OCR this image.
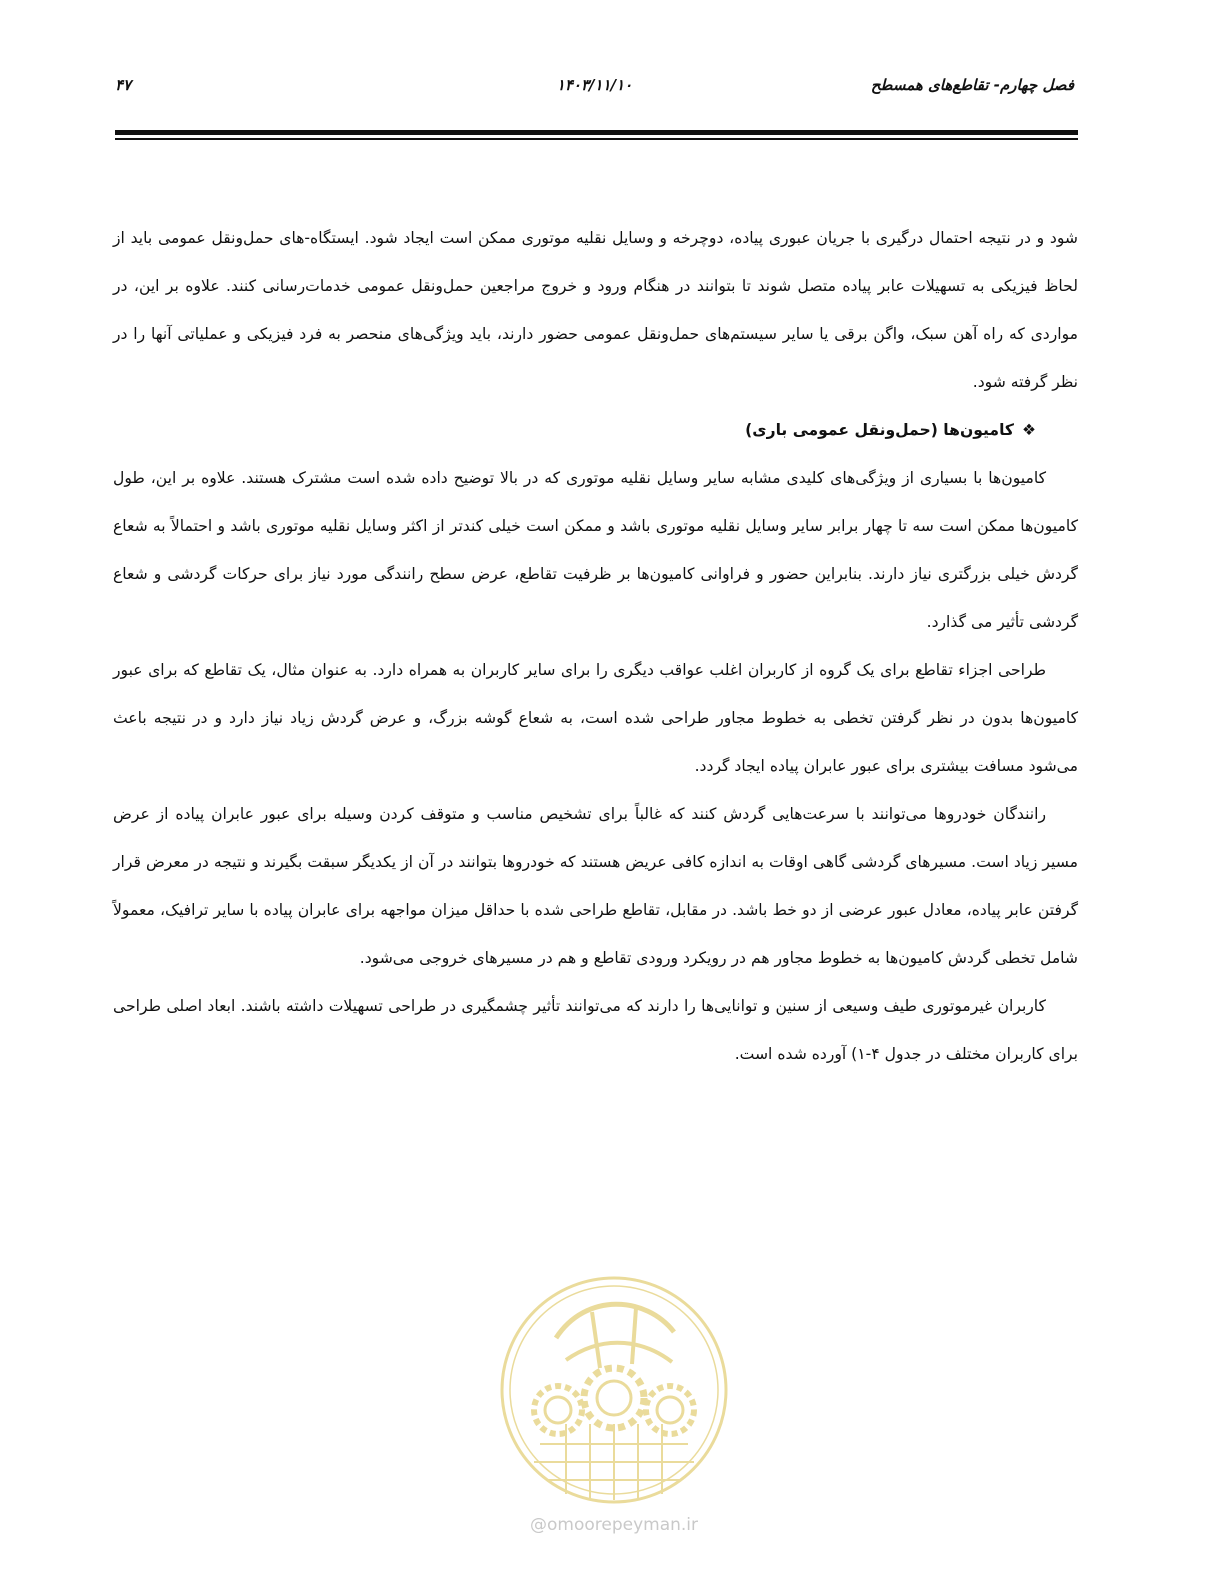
فصل چهارم- تقاطع‌های همسطح
۱۴۰۳/۱۱/۱۰
۴۷

شود و در نتیجه احتمال درگیری با جریان عبوری پیاده، دوچرخه و وسایل نقلیه موتوری ممکن است ایجاد شود. ایستگاه-های حمل‌ونقل عمومی باید از لحاظ فیزیکی به تسهیلات عابر پیاده متصل شوند تا بتوانند در هنگام ورود و خروج مراجعین حمل‌ونقل عمومی خدمات‌رسانی کنند. علاوه بر این، در مواردی که راه آهن سبک، واگن برقی یا سایر سیستم‌های حمل‌ونقل عمومی حضور دارند، باید ویژگی‌های منحصر به فرد فیزیکی و عملیاتی آنها را در نظر گرفته شود.

❖کامیون‌ها (حمل‌ونقل عمومی باری)

کامیون‌ها با بسیاری از ویژگی‌های کلیدی مشابه سایر وسایل نقلیه موتوری که در بالا توضیح داده شده است مشترک هستند. علاوه بر این، طول کامیون‌ها ممکن است سه تا چهار برابر سایر وسایل نقلیه موتوری باشد و ممکن است خیلی کندتر از اکثر وسایل نقلیه موتوری باشد و احتمالاً به شعاع گردش خیلی بزرگتری نیاز دارند. بنابراین حضور و فراوانی کامیون‌ها بر ظرفیت تقاطع، عرض سطح رانندگی مورد نیاز برای حرکات گردشی و شعاع گردشی تأثیر می گذارد.

طراحی اجزاء تقاطع برای یک گروه از کاربران اغلب عواقب دیگری را برای سایر کاربران به همراه دارد. به عنوان مثال، یک تقاطع که برای عبور کامیون‌ها بدون در نظر گرفتن تخطی به خطوط مجاور طراحی شده است، به شعاع گوشه بزرگ، و عرض گردش زیاد نیاز دارد و در نتیجه باعث می‌شود مسافت بیشتری برای عبور عابران پیاده ایجاد گردد.

رانندگان خودروها می‌توانند با سرعت‌هایی گردش کنند که غالباً برای تشخیص مناسب و متوقف کردن وسیله برای عبور عابران پیاده از عرض مسیر زیاد است. مسیرهای گردشی گاهی اوقات به اندازه کافی عریض هستند که خودروها بتوانند در آن از یکدیگر سبقت بگیرند و نتیجه در معرض قرار گرفتن عابر پیاده، معادل عبور عرضی از دو خط باشد. در مقابل، تقاطع طراحی شده با حداقل میزان مواجهه برای عابران پیاده با سایر ترافیک، معمولاً شامل تخطی گردش کامیون‌ها به خطوط مجاور هم در رویکرد ورودی تقاطع و هم در مسیرهای خروجی می‌شود.

کاربران غیرموتوری طیف وسیعی از سنین و توانایی‌ها را دارند که می‌توانند تأثیر چشمگیری در طراحی تسهیلات داشته باشند. ابعاد اصلی طراحی برای کاربران مختلف در جدول ۴-۱) آورده شده است.

@omoorepeyman.ir
